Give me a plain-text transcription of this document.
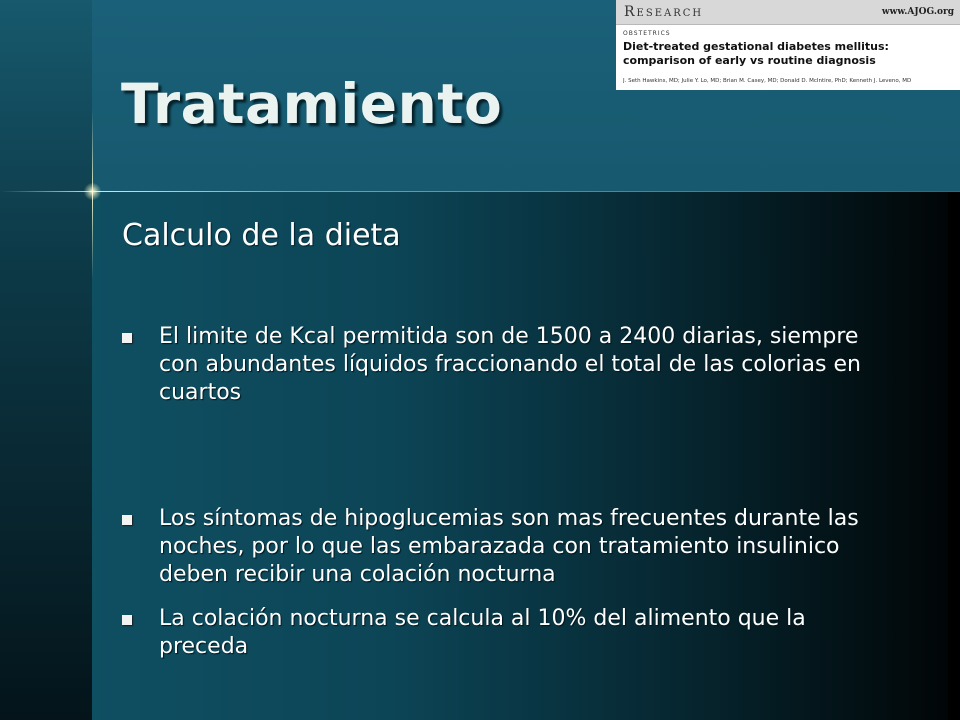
Research	www.AJOG.org
OBSTETRICS
Diet-treated gestational diabetes mellitus: comparison of early vs routine diagnosis
J. Seth Hawkins, MD; Julie Y. Lo, MD; Brian M. Casey, MD; Donald D. McIntire, PhD; Kenneth J. Leveno, MD
Tratamiento
Calculo de la dieta
El limite de Kcal permitida son de 1500 a 2400 diarias, siempre con abundantes líquidos fraccionando el total de las colorias en cuartos
Los síntomas de hipoglucemias son mas frecuentes durante las noches, por lo que las embarazada con tratamiento insulinico deben recibir una colación nocturna
La colación nocturna se calcula al 10% del alimento que la preceda
